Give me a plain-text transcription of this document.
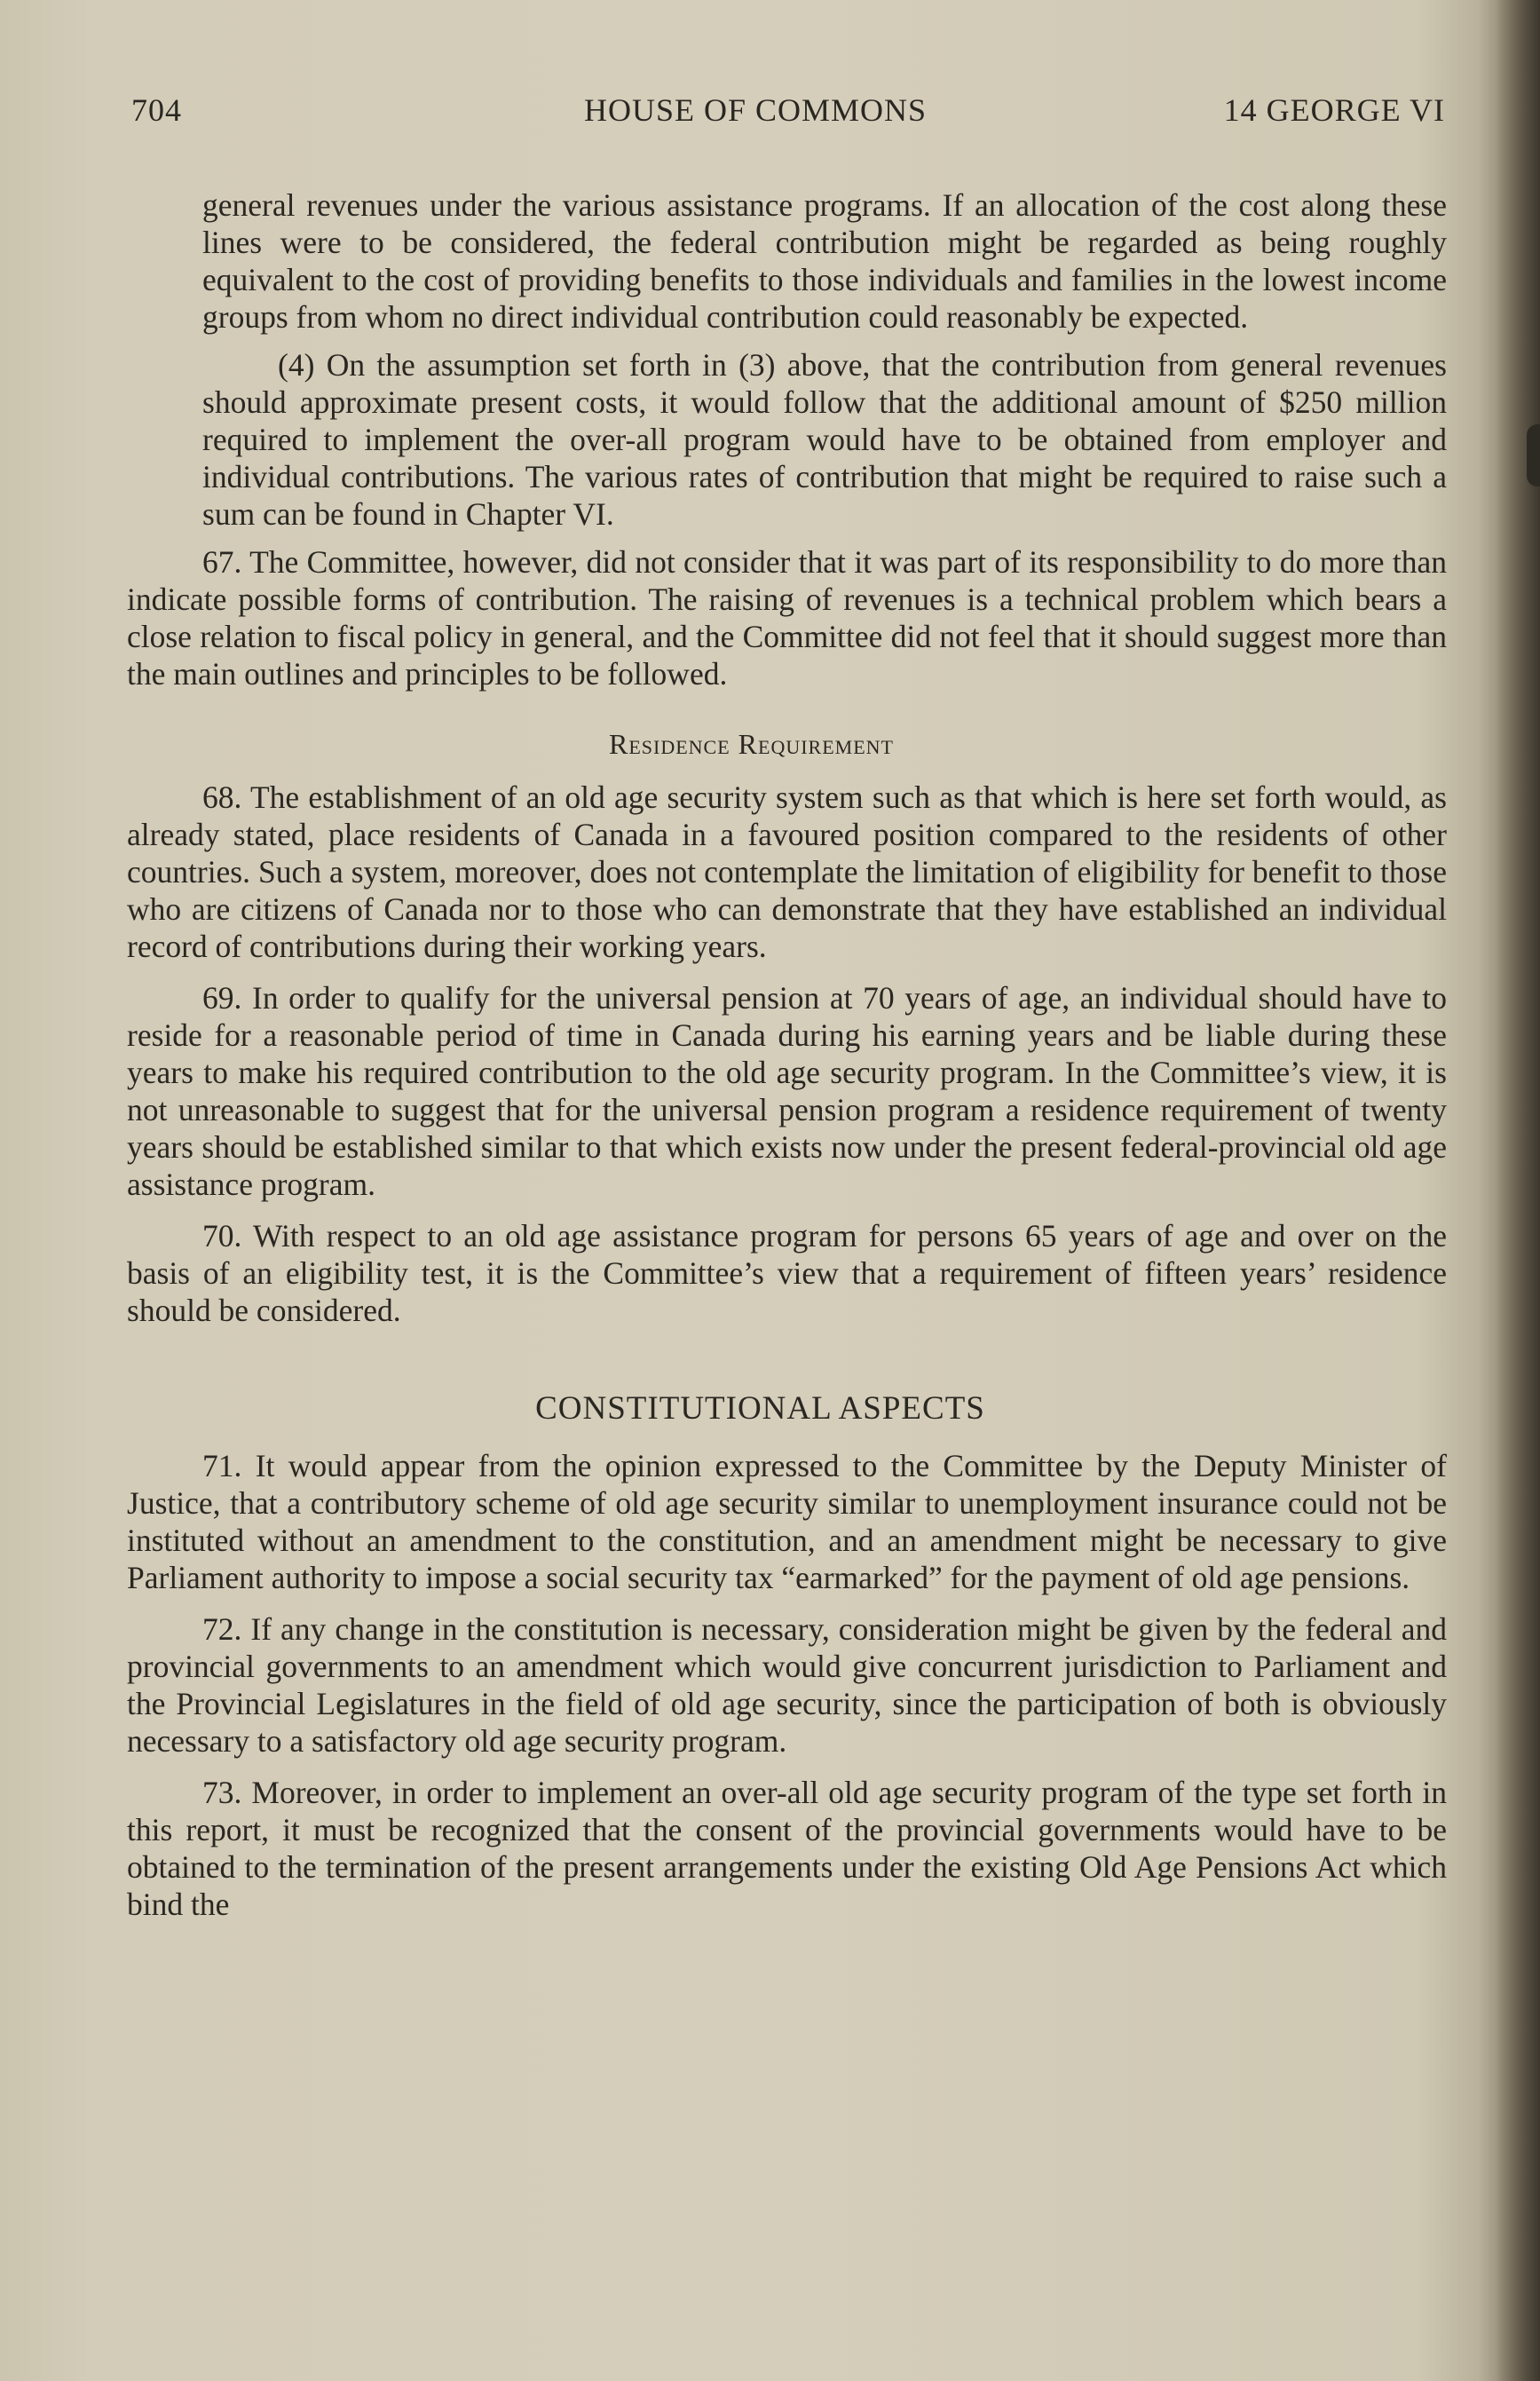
704	HOUSE OF COMMONS	14 GEORGE VI

general revenues under the various assistance programs. If an allocation of the cost along these lines were to be considered, the federal contribution might be regarded as being roughly equivalent to the cost of providing benefits to those individuals and families in the lowest income groups from whom no direct individual contribution could reasonably be expected.

(4) On the assumption set forth in (3) above, that the contribution from general revenues should approximate present costs, it would follow that the additional amount of $250 million required to implement the over-all program would have to be obtained from employer and individual contributions. The various rates of contribution that might be required to raise such a sum can be found in Chapter VI.

67. The Committee, however, did not consider that it was part of its responsibility to do more than indicate possible forms of contribution. The raising of revenues is a technical problem which bears a close relation to fiscal policy in general, and the Committee did not feel that it should suggest more than the main outlines and principles to be followed.

Residence Requirement

68. The establishment of an old age security system such as that which is here set forth would, as already stated, place residents of Canada in a favoured position compared to the residents of other countries. Such a system, moreover, does not contemplate the limitation of eligibility for benefit to those who are citizens of Canada nor to those who can demonstrate that they have established an individual record of contributions during their working years.

69. In order to qualify for the universal pension at 70 years of age, an individual should have to reside for a reasonable period of time in Canada during his earning years and be liable during these years to make his required contribution to the old age security program. In the Committee’s view, it is not unreasonable to suggest that for the universal pension program a residence requirement of twenty years should be established similar to that which exists now under the present federal-provincial old age assistance program.

70. With respect to an old age assistance program for persons 65 years of age and over on the basis of an eligibility test, it is the Committee’s view that a requirement of fifteen years’ residence should be considered.

CONSTITUTIONAL ASPECTS

71. It would appear from the opinion expressed to the Committee by the Deputy Minister of Justice, that a contributory scheme of old age security similar to unemployment insurance could not be instituted without an amendment to the constitution, and an amendment might be necessary to give Parliament authority to impose a social security tax “earmarked” for the payment of old age pensions.

72. If any change in the constitution is necessary, consideration might be given by the federal and provincial governments to an amendment which would give concurrent jurisdiction to Parliament and the Provincial Legislatures in the field of old age security, since the participation of both is obviously necessary to a satisfactory old age security program.

73. Moreover, in order to implement an over-all old age security program of the type set forth in this report, it must be recognized that the consent of the provincial governments would have to be obtained to the termination of the present arrangements under the existing Old Age Pensions Act which bind the
